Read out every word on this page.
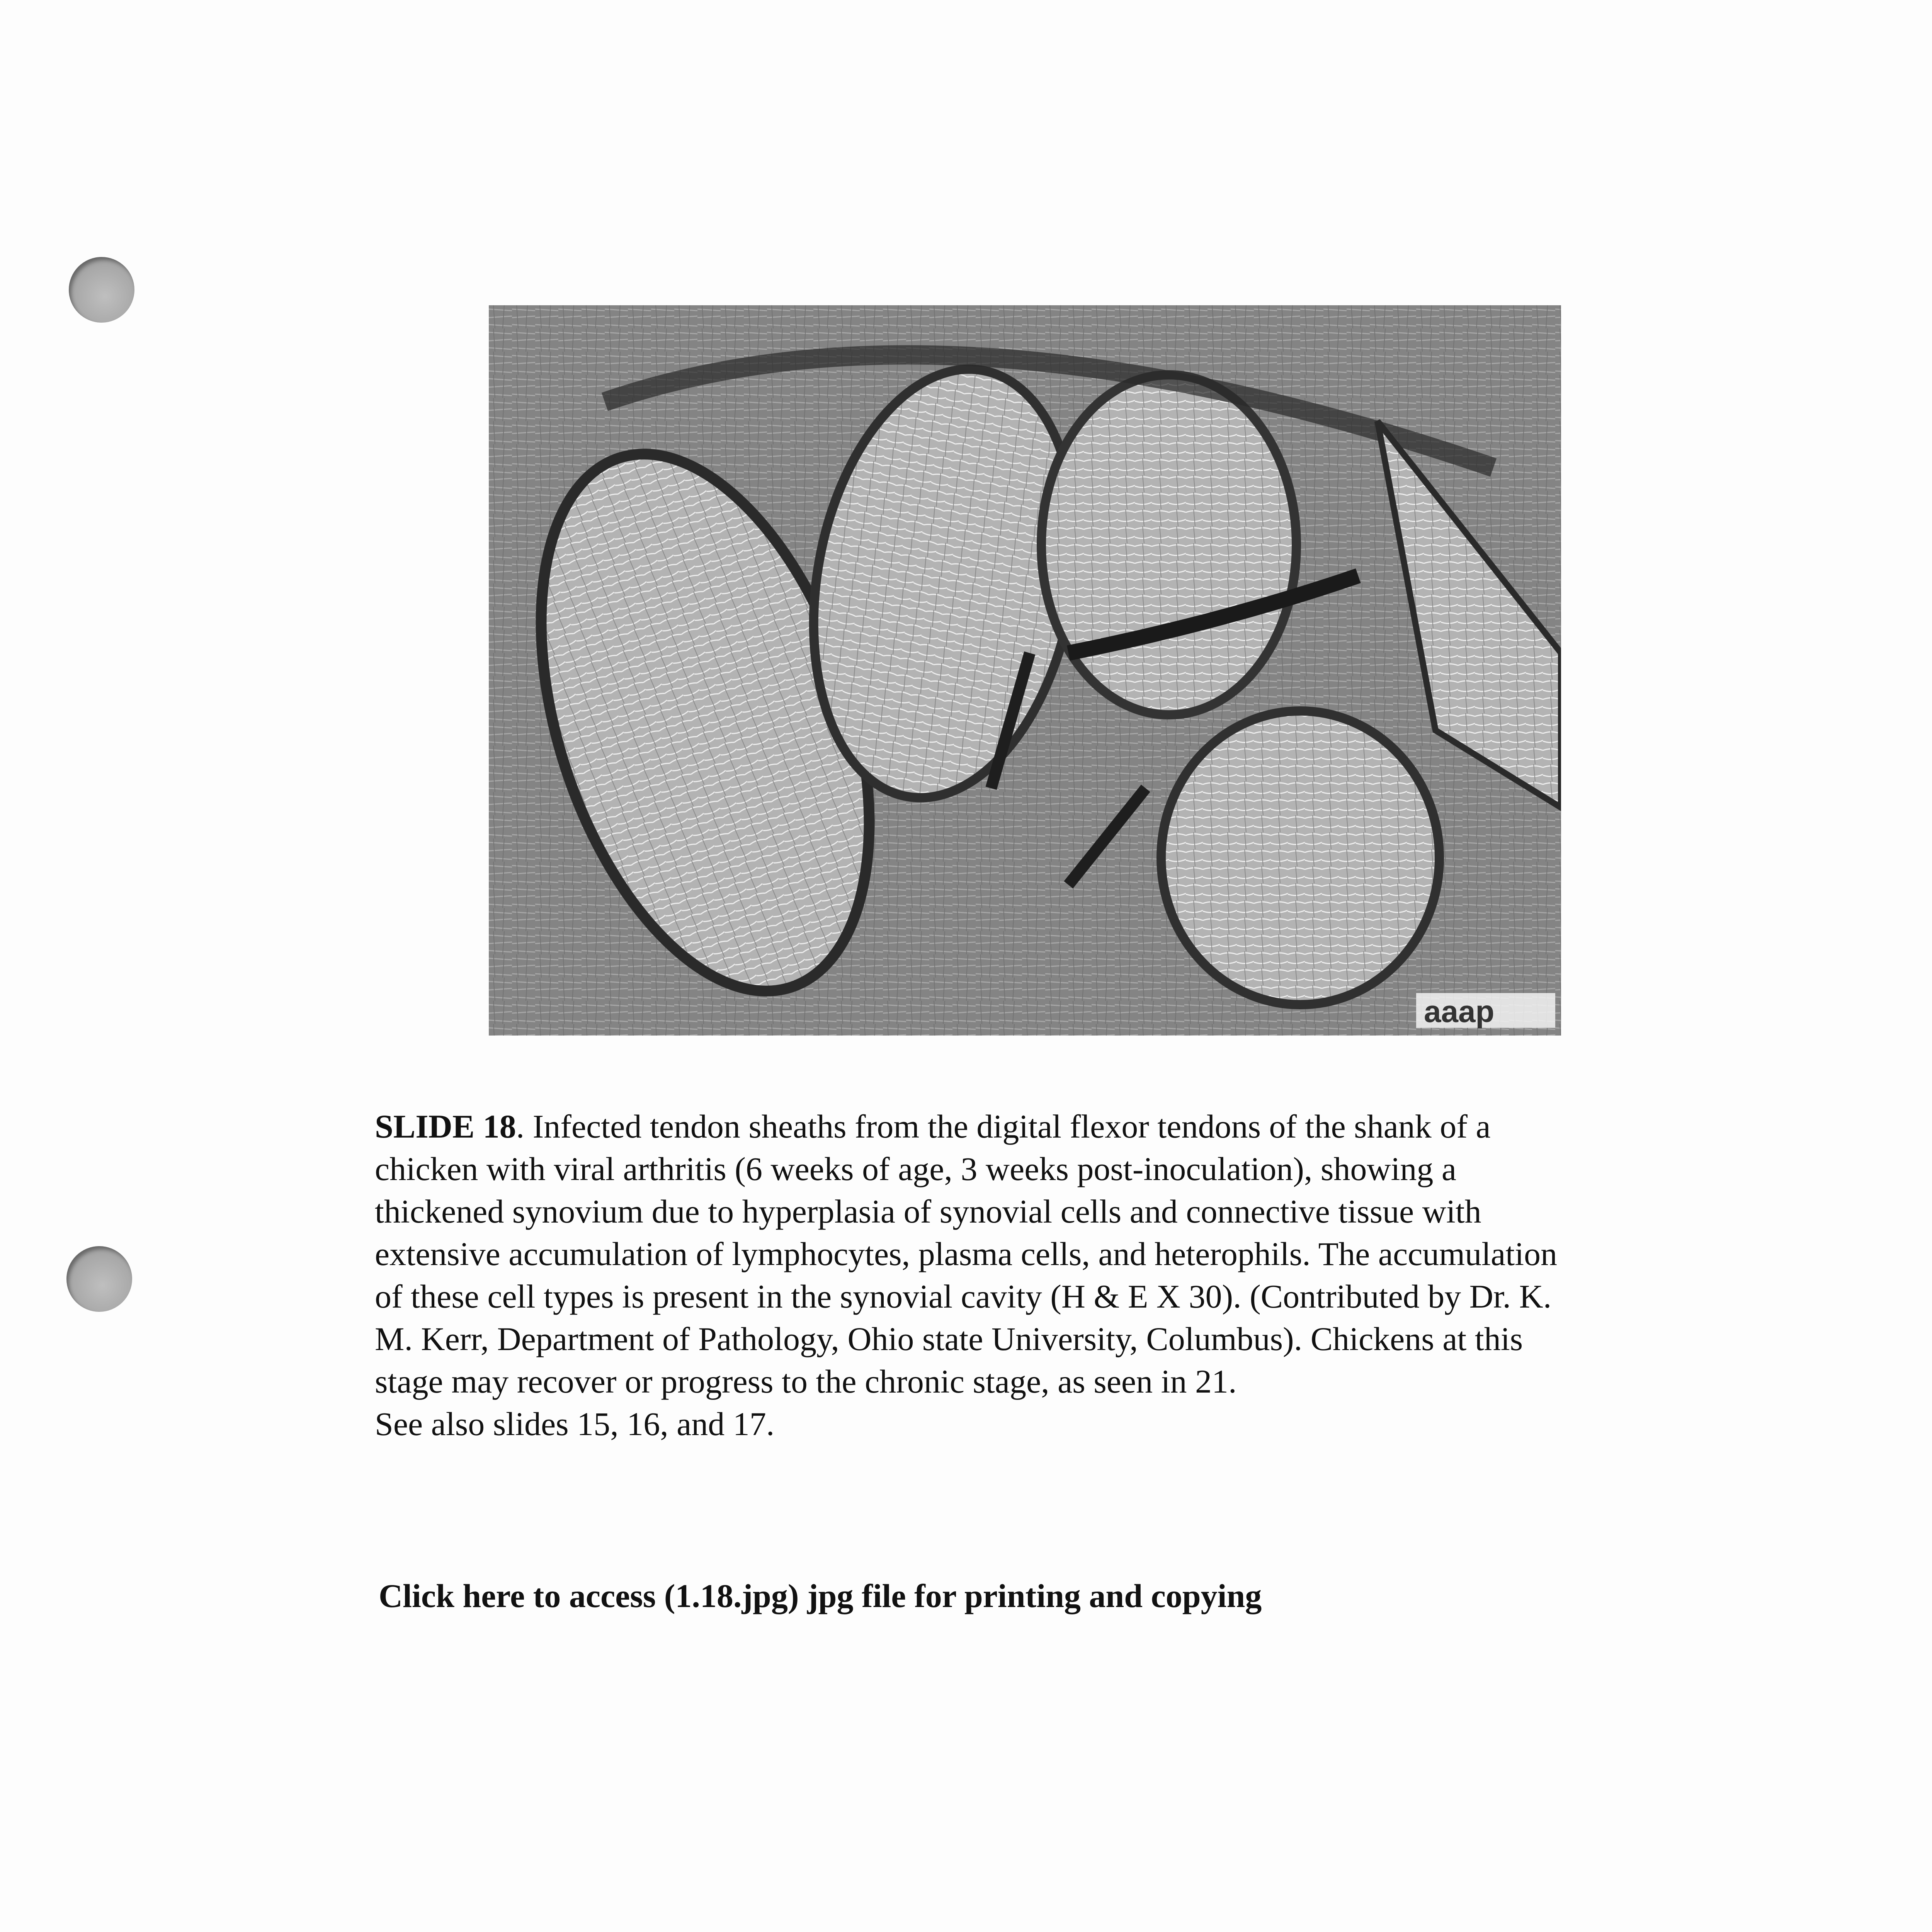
aaap
SLIDE 18. Infected tendon sheaths from the digital flexor tendons of the shank of a
chicken with viral arthritis (6 weeks of age, 3 weeks post-inoculation), showing a
thickened synovium due to hyperplasia of synovial cells and connective tissue with
extensive accumulation of lymphocytes, plasma cells, and heterophils. The accumulation
of these cell types is present in the synovial cavity (H & E X 30). (Contributed by Dr. K.
M. Kerr, Department of Pathology, Ohio state University, Columbus). Chickens at this
stage may recover or progress to the chronic stage, as seen in 21.
See also slides 15, 16, and 17.
Click here to access (1.18.jpg) jpg file for printing and copying
